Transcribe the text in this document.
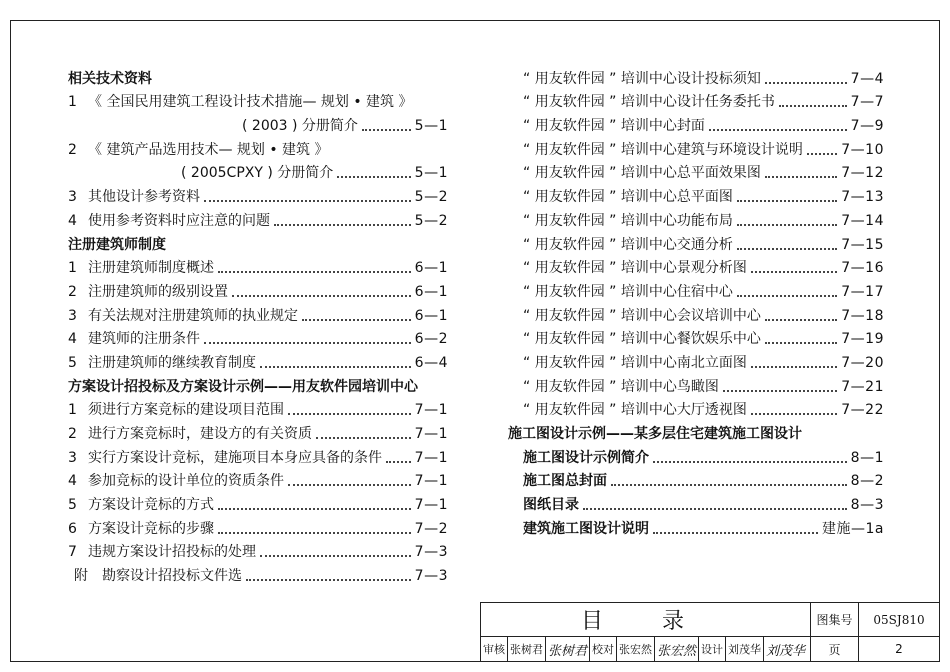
相关技术资料
1 《 全国民用建筑工程设计技术措施— 规划 • 建筑 》
( 2003 ) 分册简介	5—1
2 《 建筑产品选用技术— 规划 • 建筑 》
( 2005CPXY ) 分册简介	5—1
3 其他设计参考资料	5—2
4 使用参考资料时应注意的问题	5—2
注册建筑师制度
1 注册建筑师制度概述	6—1
2 注册建筑师的级别设置	6—1
3 有关法规对注册建筑师的执业规定	6—1
4 建筑师的注册条件	6—2
5 注册建筑师的继续教育制度	6—4
方案设计招投标及方案设计示例——用友软件园培训中心
1 须进行方案竞标的建设项目范围	7—1
2 进行方案竞标时，建设方的有关资质	7—1
3 实行方案设计竞标，建施项目本身应具备的条件 7—1
4 参加竞标的设计单位的资质条件	7—1
5 方案设计竞标的方式	7—1
6 方案设计竞标的步骤	7—2
7 违规方案设计招投标的处理	7—3
附	勘察设计招投标文件选	7—3
“ 用友软件园 ” 培训中心设计投标须知	7—4
“ 用友软件园 ” 培训中心设计任务委托书	7—7
“ 用友软件园 ” 培训中心封面	7—9
“ 用友软件园 ” 培训中心建筑与环境设计说明	7—10
“ 用友软件园 ” 培训中心总平面效果图	7—12
“ 用友软件园 ” 培训中心总平面图	7—13
“ 用友软件园 ” 培训中心功能布局	7—14
“ 用友软件园 ” 培训中心交通分析	7—15
“ 用友软件园 ” 培训中心景观分析图	7—16
“ 用友软件园 ” 培训中心住宿中心	7—17
“ 用友软件园 ” 培训中心会议培训中心	7—18
“ 用友软件园 ” 培训中心餐饮娱乐中心	7—19
“ 用友软件园 ” 培训中心南北立面图	7—20
“ 用友软件园 ” 培训中心鸟瞰图	7—21
“ 用友软件园 ” 培训中心大厅透视图	7—22
施工图设计示例——某多层住宅建筑施工图设计
施工图设计示例简介	8—1
施工图总封面	8—2
图纸目录	8—3
建筑施工图设计说明	建施—1a
目 录	图集号	05SJ810
页	2
审核 张树君 张树君 校对 张宏然 张宏然 设计 刘茂华 刘茂华
